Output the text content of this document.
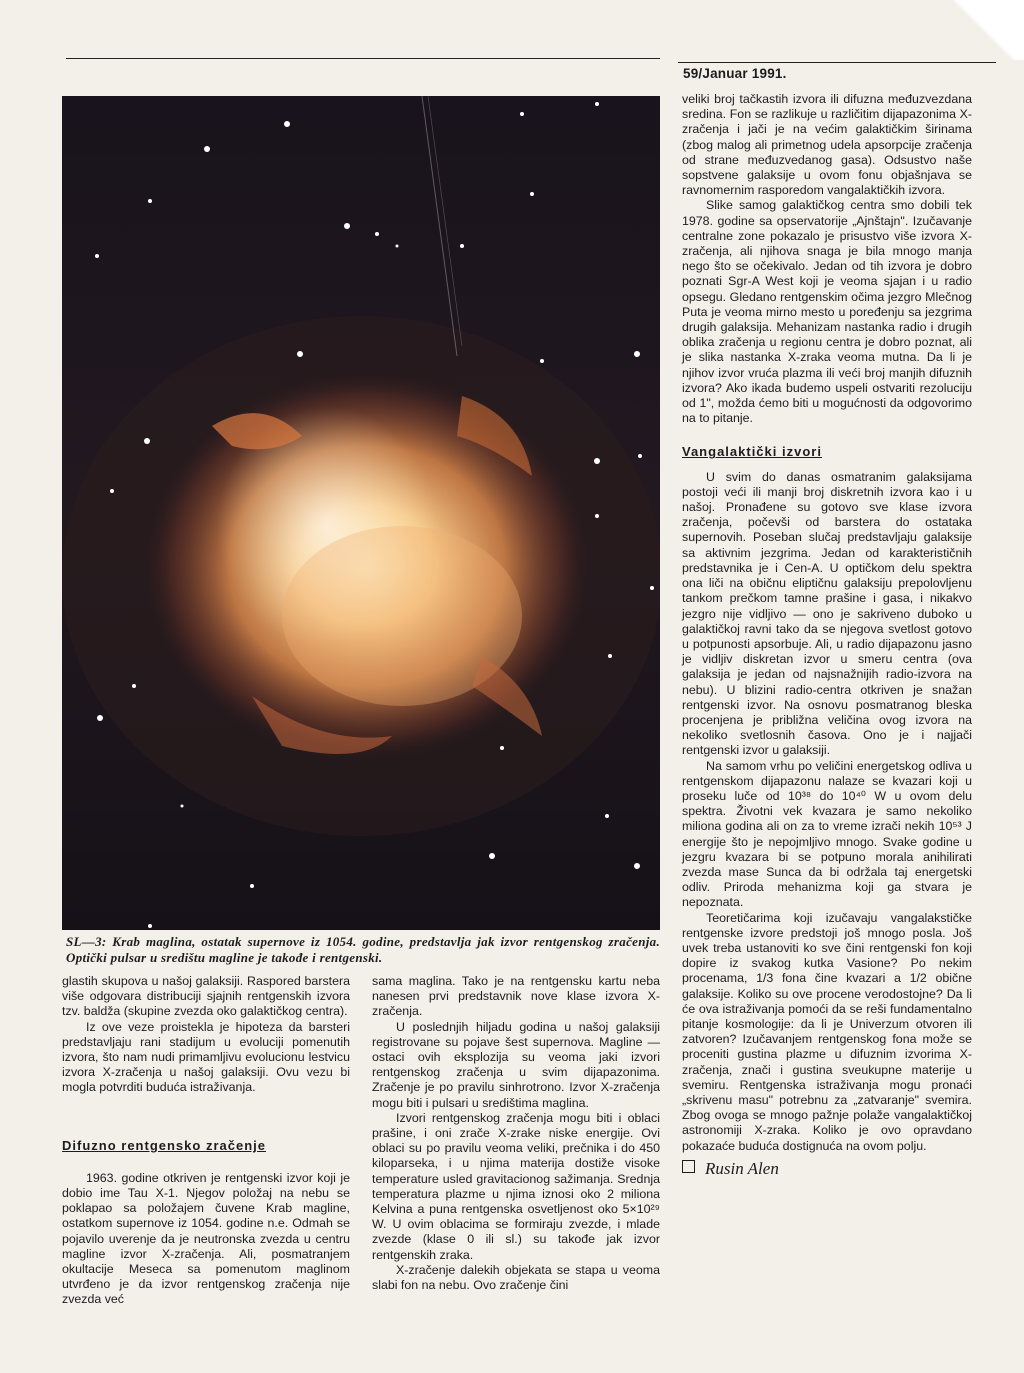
59/Januar 1991.
SL—3: Krab maglina, ostatak supernove iz 1054. godine, predstavlja jak izvor rentgenskog zračenja. Optički pulsar u središtu magline je takođe i rentgenski.

glastih skupova u našoj galaksiji. Raspored barstera više odgovara distribuciji sjajnih rentgenskih izvora tzv. baldža (skupine zvezda oko galaktičkog centra).

Iz ove veze proistekla je hipoteza da barsteri predstavljaju rani stadijum u evoluciji pomenutih izvora, što nam nudi primamljivu evolucionu lestvicu izvora X-zračenja u našoj galaksiji. Ovu vezu bi mogla potvrditi buduća istraživanja.

Difuzno rentgensko zračenje

1963. godine otkriven je rentgenski izvor koji je dobio ime Tau X-1. Njegov položaj na nebu se poklapao sa položajem čuvene Krab magline, ostatkom supernove iz 1054. godine n.e. Odmah se pojavilo uverenje da je neutronska zvezda u centru magline izvor X-zračenja. Ali, posmatranjem okultacije Meseca sa pomenutom maglinom utvrđeno je da izvor rentgenskog zračenja nije zvezda već

sama maglina. Tako je na rentgensku kartu neba nanesen prvi predstavnik nove klase izvora X-zračenja.

U poslednjih hiljadu godina u našoj galaksiji registrovane su pojave šest supernova. Magline — ostaci ovih eksplozija su veoma jaki izvori rentgenskog zračenja u svim dijapazonima. Zračenje je po pravilu sinhrotrono. Izvor X-zračenja mogu biti i pulsari u središtima maglina.

Izvori rentgenskog zračenja mogu biti i oblaci prašine, i oni zrače X-zrake niske energije. Ovi oblaci su po pravilu veoma veliki, prečnika i do 450 kiloparseka, i u njima materija dostiže visoke temperature usled gravitacionog sažimanja. Srednja temperatura plazme u njima iznosi oko 2 miliona Kelvina a puna rentgenska osvetljenost oko 5×10²⁹ W. U ovim oblacima se formiraju zvezde, i mlade zvezde (klase 0 ili sl.) su takođe jak izvor rentgenskih zraka.

X-zračenje dalekih objekata se stapa u veoma slabi fon na nebu. Ovo zračenje čini

veliki broj tačkastih izvora ili difuzna međuzvezdana sredina. Fon se razlikuje u različitim dijapazonima X-zračenja i jači je na većim galaktičkim širinama (zbog malog ali primetnog udela apsorpcije zračenja od strane međuzvedanog gasa). Odsustvo naše sopstvene galaksije u ovom fonu objašnjava se ravnomernim rasporedom vangalaktičkih izvora.

Slike samog galaktičkog centra smo dobili tek 1978. godine sa opservatorije „Ajnštajn". Izučavanje centralne zone pokazalo je prisustvo više izvora X-zračenja, ali njihova snaga je bila mnogo manja nego što se očekivalo. Jedan od tih izvora je dobro poznati Sgr-A West koji je veoma sjajan i u radio opsegu. Gledano rentgenskim očima jezgro Mlečnog Puta je veoma mirno mesto u poređenju sa jezgrima drugih galaksija. Mehanizam nastanka radio i drugih oblika zračenja u regionu centra je dobro poznat, ali je slika nastanka X-zraka veoma mutna. Da li je njihov izvor vruća plazma ili veći broj manjih difuznih izvora? Ako ikada budemo uspeli ostvariti rezoluciju od 1", možda ćemo biti u mogućnosti da odgovorimo na to pitanje.

Vangalaktički izvori

U svim do danas osmatranim galaksijama postoji veći ili manji broj diskretnih izvora kao i u našoj. Pronađene su gotovo sve klase izvora zračenja, počevši od barstera do ostataka supernovih. Poseban slučaj predstavljaju galaksije sa aktivnim jezgrima. Jedan od karakterističnih predstavnika je i Cen-A. U optičkom delu spektra ona liči na običnu eliptičnu galaksiju prepolovljenu tankom prečkom tamne prašine i gasa, i nikakvo jezgro nije vidljivo — ono je sakriveno duboko u galaktičkoj ravni tako da se njegova svetlost gotovo u potpunosti apsorbuje. Ali, u radio dijapazonu jasno je vidljiv diskretan izvor u smeru centra (ova galaksija je jedan od najsnažnijih radio-izvora na nebu). U blizini radio-centra otkriven je snažan rentgenski izvor. Na osnovu posmatranog bleska procenjena je približna veličina ovog izvora na nekoliko svetlosnih časova. Ono je i najjači rentgenski izvor u galaksiji.

Na samom vrhu po veličini energetskog odliva u rentgenskom dijapazonu nalaze se kvazari koji u proseku luče od 10³⁸ do 10⁴⁰ W u ovom delu spektra. Životni vek kvazara je samo nekoliko miliona godina ali on za to vreme izrači nekih 10⁵³ J energije što je nepojmljivo mnogo. Svake godine u jezgru kvazara bi se potpuno morala anihilirati zvezda mase Sunca da bi održala taj energetski odliv. Priroda mehanizma koji ga stvara je nepoznata.

Teoretičarima koji izučavaju vangalakstičke rentgenske izvore predstoji još mnogo posla. Još uvek treba ustanoviti ko sve čini rentgenski fon koji dopire iz svakog kutka Vasione? Po nekim procenama, 1/3 fona čine kvazari a 1/2 obične galaksije. Koliko su ove procene verodostojne? Da li će ova istraživanja pomoći da se reši fundamentalno pitanje kosmologije: da li je Univerzum otvoren ili zatvoren? Izučavanjem rentgenskog fona može se proceniti gustina plazme u difuznim izvorima X-zračenja, znači i gustina sveukupne materije u svemiru. Rentgenska istraživanja mogu pronaći „skrivenu masu" potrebnu za „zatvaranje" svemira. Zbog ovoga se mnogo pažnje polaže vangalaktičkoj astronomiji X-zraka. Koliko je ovo opravdano pokazaće buduća dostignuća na ovom polju.

Rusin Alen
